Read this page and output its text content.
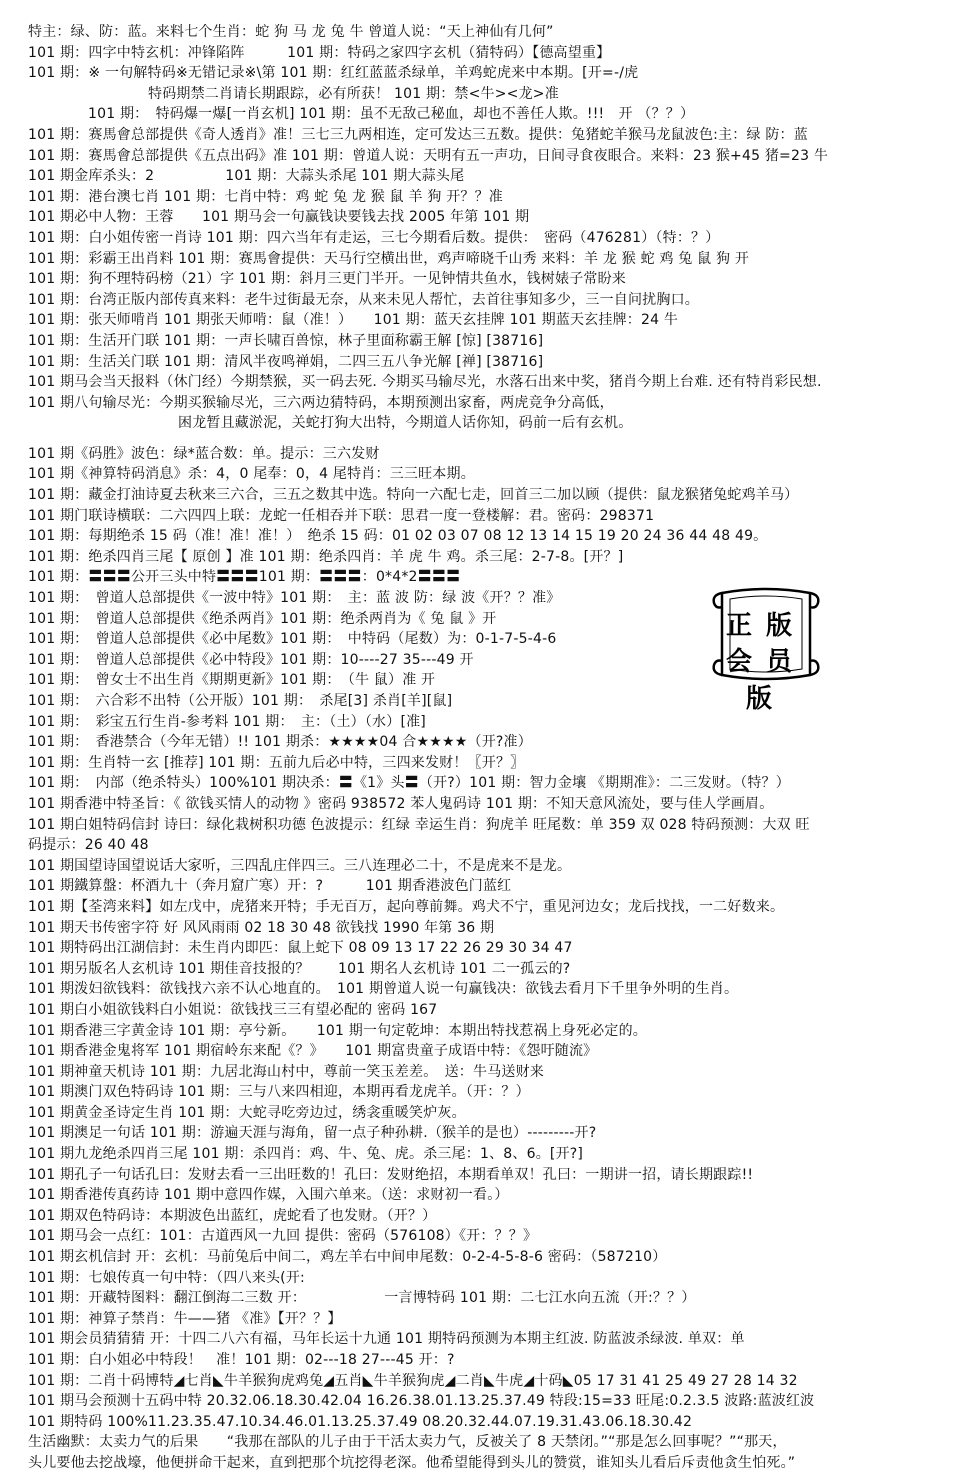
特主：绿、防：蓝。来料七个生肖：蛇 狗 马 龙 兔 牛 曾道人说：“天上神仙有几何”
101 期：四字中特玄机：冲锋陷阵　　　101 期：特码之家四字玄机（猜特码）【德高望重】
101 期：※ 一句解特码※无错记录※\第 101 期：红红蓝蓝杀绿单，羊鸡蛇虎来中本期。[开=-/虎
特码期禁二肖请长期跟踪，必有所获！ 101 期：禁<牛><龙>准
101 期：　特码爆一爆[一肖玄机] 101 期：虽不无敌己秘血，却也不善任人欺。!!!　开 （？？）
101 期：赛馬會总部提供《奇人透肖》准！三七三九两相连，定可发达三五数。提供：兔猪蛇羊猴马龙鼠波色:主：绿 防：蓝
101 期：赛馬會总部提供《五点出码》准 101 期：曾道人说：天明有五一声功，日间寻食夜眼合。来料：23 猴+45 猪=23 牛
101 期金库杀头：2　　　　　101 期：大蒜头杀尾 101 期大蒜头尾
101 期：港台澳七肖 101 期：七肖中特：鸡 蛇 兔 龙 猴 鼠 羊 狗 开？？准
101 期必中人物：王蓉　　101 期马会一句赢钱诀要钱去找 2005 年第 101 期
101 期：白小姐传密一肖诗 101 期：四六当年有走运，三七今期看后数。提供：　密码（476281）（特：？）
101 期：彩霸王出肖料 101 期：赛馬會提供：天马行空横出世，鸡声啼晓千山秀 来料：羊 龙 猴 蛇 鸡 兔 鼠 狗 开
101 期：狗不理特码榜（21）字 101 期：斜月三更门半开。一见钟情共鱼水，钱树婊子常盼来
101 期：台湾正版内部传真来料：老牛过街最无奈，从来未见人帮忙，去首往事知多少，三一自问扰胸口。
101 期：张天师啃肖 101 期张天师啃：鼠（准！）　　101 期：蓝天玄挂牌 101 期蓝天玄挂牌：24 牛
101 期：生活开门联 101 期：一声长啸百兽惊，林子里面称霸王解 [惊] [38716]
101 期：生活关门联 101 期：清风半夜鸣禅娟，二四三五八争光解 [禅] [38716]
101 期马会当天报料（休门经）今期禁猴，买一码去死. 今期买马输尽光，水落石出来中奖，猪肖今期上台难. 还有特肖彩民想.
101 期八句输尽光：今期买猴输尽光，三六两边猜特码，本期预测出家畜，两虎竞争分高低，
困龙暂且藏淤泥，关蛇打狗大出特，今期道人话你知，码前一后有玄机。
101 期《码胜》波色：绿*蓝合数：单。提示：三六发财
101 期《神算特码消息》杀：4，0 尾奉：0，4 尾特肖：三三旺本期。
101 期：藏金打油诗夏去秋来三六合，三五之数其中选。特向一六配七走，回首三二加以顾（提供：鼠龙猴猪兔蛇鸡羊马）
101 期门联诗横联：二六四四上联：龙蛇一任相吞并下联：思君一度一登楼解：君。密码：298371
101 期：每期绝杀 15 码（准！准！准！）　绝杀 15 码：01 02 03 07 08 12 13 14 15 19 20 24 36 44 48 49。
101 期：绝杀四肖三尾【 原创 】准 101 期：绝杀四肖：羊 虎 牛 鸡。杀三尾：2-7-8。[开？]
101 期：〓〓〓公开三头中特〓〓〓101 期：〓〓〓：0*4*2〓〓〓
101 期：　曾道人总部提供《一波中特》101 期：　主：蓝 波 防：绿 波《开？？准》
101 期：　曾道人总部提供《绝杀两肖》101 期：绝杀两肖为《 兔 鼠 》开
101 期：　曾道人总部提供《必中尾数》101 期：　中特码（尾数）为：0-1-7-5-4-6
101 期：　曾道人总部提供《必中特段》101 期：10----27 35---49 开
101 期：　曾女士不出生肖《期期更新》101 期：　（牛 鼠）准 开
101 期：　六合彩不出特（公开版）101 期：　杀尾[3] 杀肖[羊][鼠]
101 期：　彩宝五行生肖-参考料 101 期：　主：（土）（水）[准]
101 期：　香港禁合（今年无错）!! 101 期杀：★★★★04 合★★★★（开?准）
101 期：生肖特一玄 [推荐] 101 期：五前九后必中特，三四来发财！〖开？〗
101 期：　内部（绝杀特头）100%101 期决杀：〓《1》头〓（开?）101 期：智力金壤 《期期准》：二三发财。（特？）
101 期香港中特圣旨：《 欲钱买情人的动物 》密码 938572 苯人鬼码诗 101 期：不知天意风流处，要与佳人学画眉。
101 期白姐特码信封 诗曰：绿化栽树积功德 色波提示：红绿 幸运生肖：狗虎羊 旺尾数：单 359 双 028 特码预测：大双 旺
码提示：26 40 48
101 期国望诗国望说话大家听，三四乱庄伴四三。三八连理必二十，不是虎来不是龙。
101 期鐵算盤：杯酒九十（奔月窟广寒）开：?　　　101 期香港波色门蓝红
101 期【荃湾来料】如左戊中，虎猪来开特；手无百万，起向尊前舞。鸡犬不宁，重见河边女；龙后找找，一二好数来。
101 期天书传密字符 好 风风雨雨 02 18 30 48 欲钱找 1990 年第 36 期
101 期特码出江湖信封：未生肖内即匹：鼠上蛇下 08 09 13 17 22 26 29 30 34 47
101 期另版名人玄机诗 101 期佳音技报的？　　101 期名人玄机诗 101 二一孤云的?
101 期泼妇欲钱料：欲钱找六亲不认心地直的。　101 期曾道人说一句赢钱决：欲钱去看月下千里争外明的生肖。
101 期白小姐欲钱料白小姐说：欲钱找三三有望必配的 密码 167
101 期香港三字黄金诗 101 期：亭兮新。　　101 期一句定乾坤：本期出特找惹祸上身死必定的。
101 期香港金鬼将军 101 期宿岭东来配《？》　　101 期富贵童子成语中特：《怨吁随流》
101 期神童天机诗 101 期：九居北海山村中，尊前一笑玉差差。　送：牛马送财来
101 期澳门双色特码诗 101 期：三与八来四相迎，本期再看龙虎羊。（开：？）
101 期黄金圣诗定生肖 101 期：大蛇寻吃旁边过，绣衾重暖笑炉灰。
101 期澳足一句话 101 期：游遍天涯与海角，留一点子种孙耕.（猴羊的是也）---------开?
101 期九龙绝杀四肖三尾 101 期：杀四肖：鸡、牛、兔、虎。杀三尾：1、8、6。[开?]
101 期孔子一句话孔曰：发财去看一三出旺数的！孔曰：发财绝招，本期看单双！孔曰：一期讲一招，请长期跟踪!!
101 期香港传真药诗 101 期中意四作媒，入围六单来。（送：求财初一看。）
101 期双色特码诗：本期波色出蓝红，虎蛇看了也发财。（开？）
101 期马会一点红：101：古道西风一九回 提供：密码（576108）《开：？？》
101 期玄机信封 开：玄机：马前兔后中间二，鸡左羊右中间申尾数：0-2-4-5-8-6 密码：（587210）
101 期：七娘传真一句中特：（四八来头(开:
101 期：开藏特图料：翻江倒海二三数 开：　　　　　　一言博特码 101 期：二七江水向五流（开:？？）
101 期：神算子禁肖：牛——猪 《准》【开？？】
101 期会员猜猜猜 开：十四二八六有福，马年长运十九通 101 期特码预测为本期主红波. 防蓝波杀绿波. 单双：单
101 期：白小姐必中特段！　准！101 期：02---18 27---45 开：?
101 期：二肖十码博特◢七肖◣牛羊猴狗虎鸡兔◢五肖◣牛羊猴狗虎◢二肖◣牛虎◢十码◣05 17 31 41 25 49 27 28 14 32
101 期马会预测十五码中特 20.32.06.18.30.42.04 16.26.38.01.13.25.37.49 特段:15=33 旺尾:0.2.3.5 波路:蓝波红波
101 期特码 100%11.23.35.47.10.34.46.01.13.25.37.49 08.20.32.44.07.19.31.43.06.18.30.42
生活幽默：太卖力气的后果　　“我那在部队的儿子由于干活太卖力气，反被关了 8 天禁闭。”“那是怎么回事呢？”“那天，
头儿要他去挖战壕，他便拼命干起来，直到把那个坑挖得老深。他希望能得到头儿的赞赏，谁知头儿看后斥责他贪生怕死。”
正版
会员版
